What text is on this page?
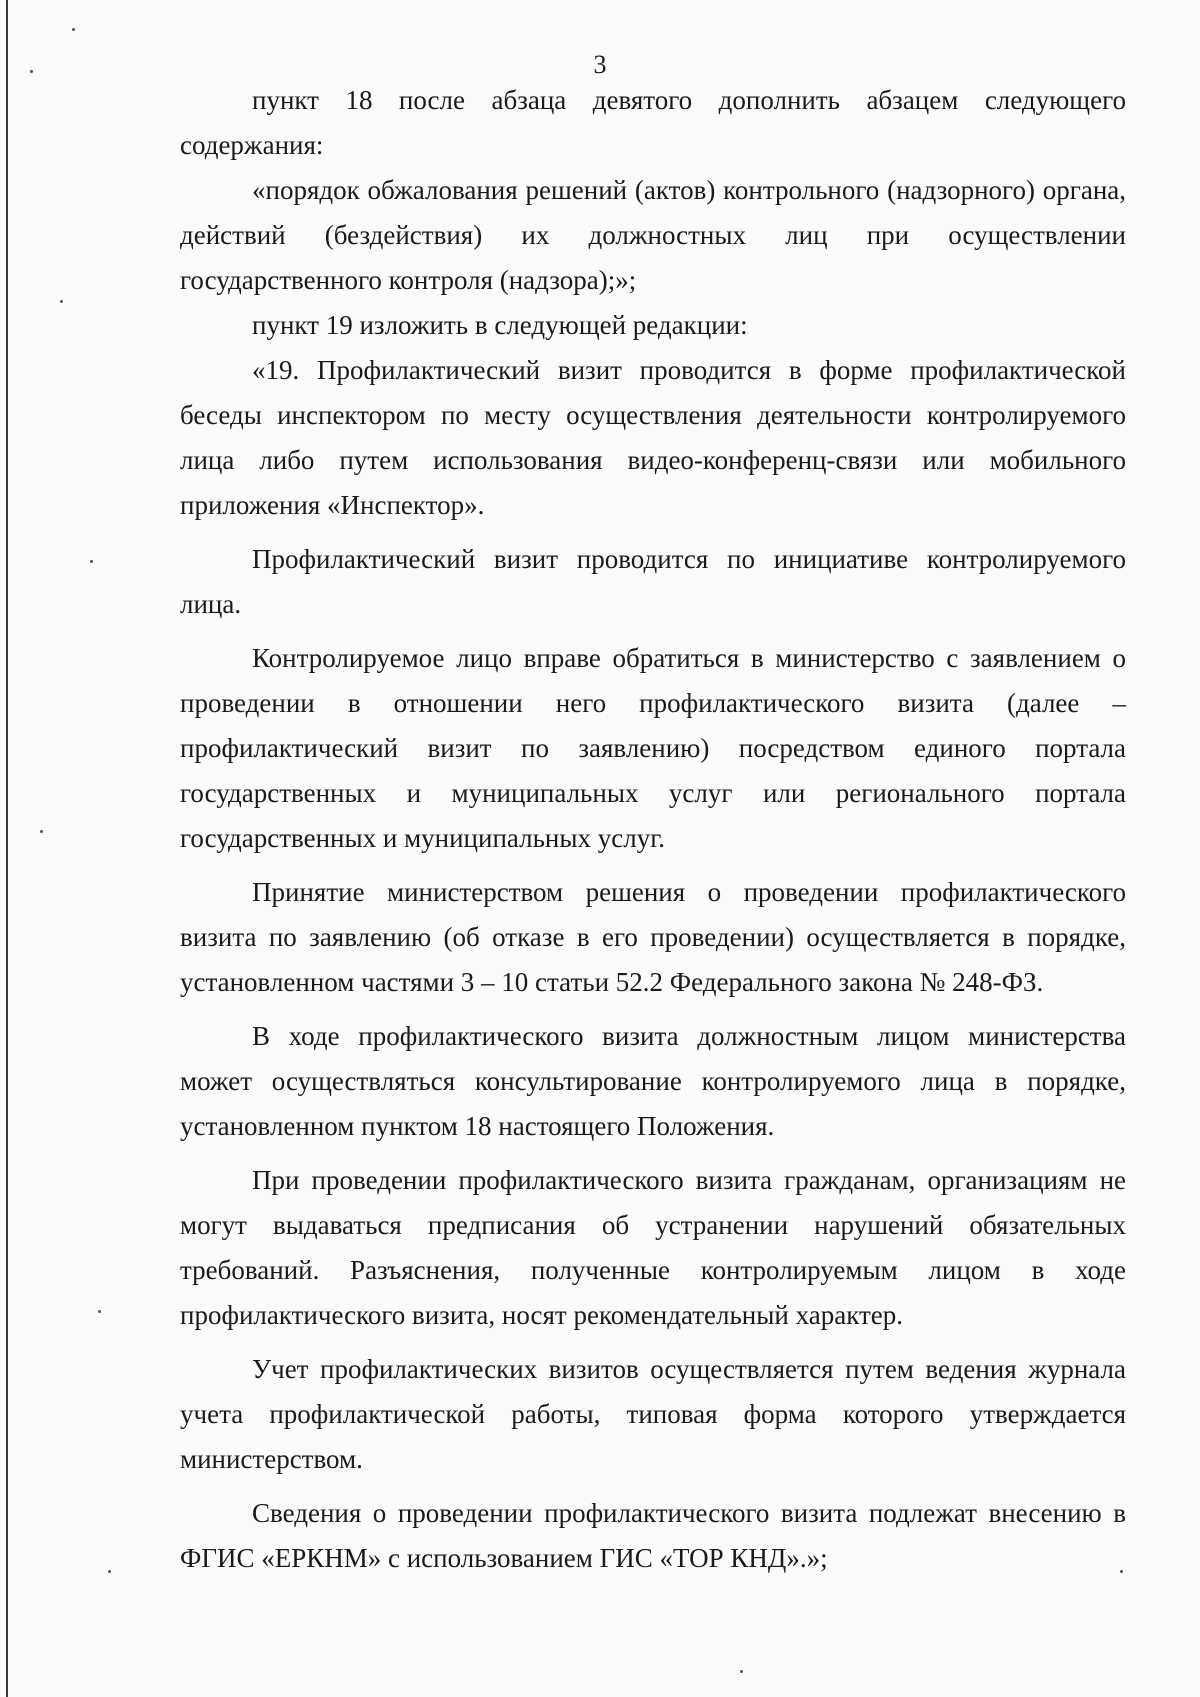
3

пункт 18 после абзаца девятого дополнить абзацем следующего содержания:

«порядок обжалования решений (актов) контрольного (надзорного) органа, действий (бездействия) их должностных лиц при осуществлении государственного контроля (надзора);»;

пункт 19 изложить в следующей редакции:

«19. Профилактический визит проводится в форме профилактической беседы инспектором по месту осуществления деятельности контролируемого лица либо путем использования видео-конференц-связи или мобильного приложения «Инспектор».

Профилактический визит проводится по инициативе контролируемого лица.

Контролируемое лицо вправе обратиться в министерство с заявлением о проведении в отношении него профилактического визита (далее – профилактический визит по заявлению) посредством единого портала государственных и муниципальных услуг или регионального портала государственных и муниципальных услуг.

Принятие министерством решения о проведении профилактического визита по заявлению (об отказе в его проведении) осуществляется в порядке, установленном частями 3 – 10 статьи 52.2 Федерального закона № 248-ФЗ.

В ходе профилактического визита должностным лицом министерства может осуществляться консультирование контролируемого лица в порядке, установленном пунктом 18 настоящего Положения.

При проведении профилактического визита гражданам, организациям не могут выдаваться предписания об устранении нарушений обязательных требований. Разъяснения, полученные контролируемым лицом в ходе профилактического визита, носят рекомендательный характер.

Учет профилактических визитов осуществляется путем ведения журнала учета профилактической работы, типовая форма которого утверждается министерством.

Сведения о проведении профилактического визита подлежат внесению в ФГИС «ЕРКНМ» с использованием ГИС «ТОР КНД».»;
